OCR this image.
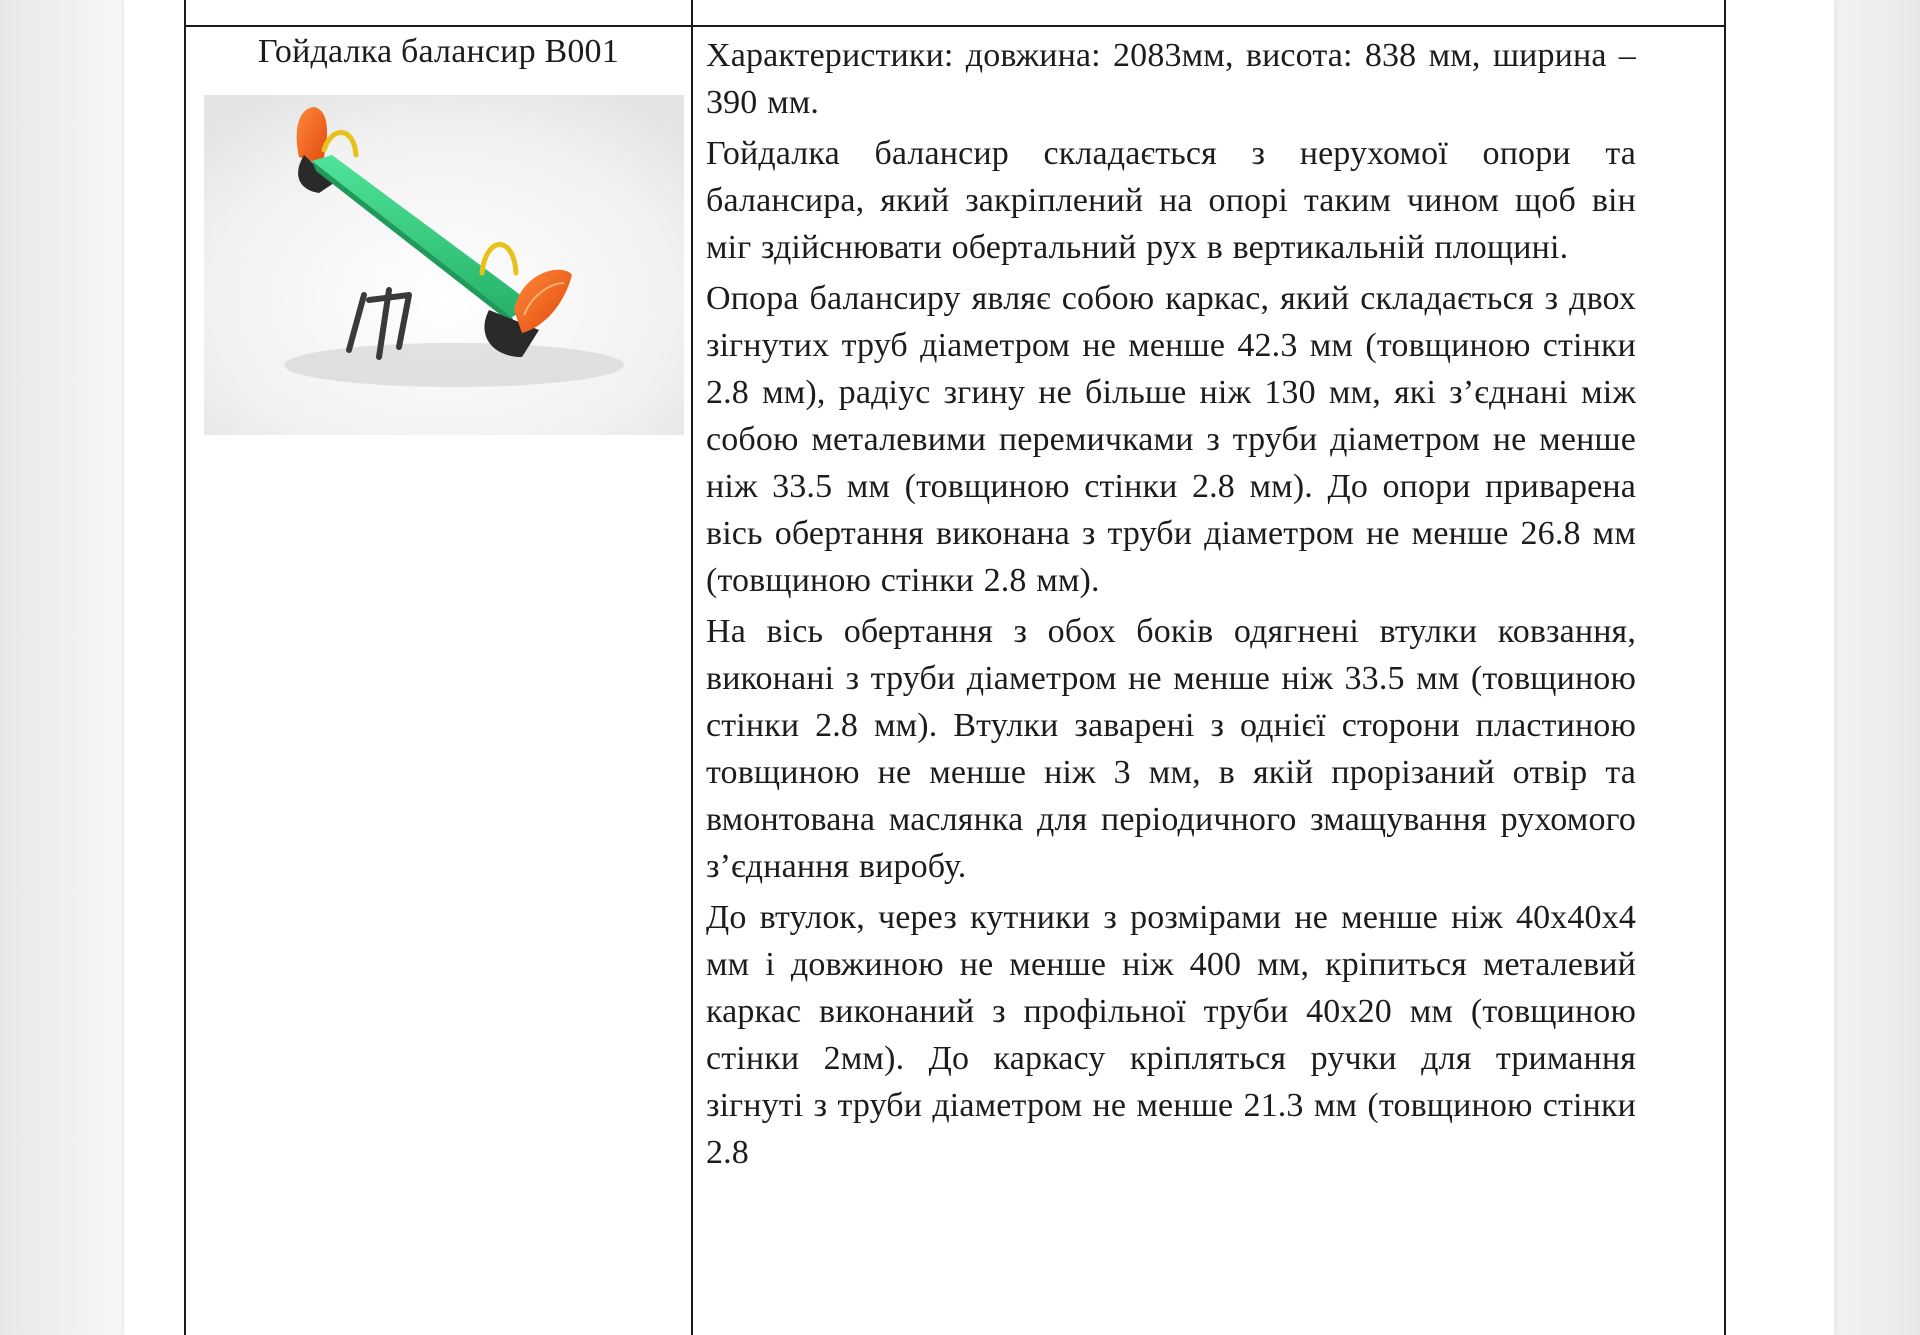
Гойдалка балансир В001	Характеристики: довжина: 2083мм, висота: 838 мм, ширина – 390 мм.

Гойдалка балансир складається з нерухомої опори та балансира, який закріплений на опорі таким чином щоб він міг здійснювати обертальний рух в вертикальній площині.

Опора балансиру являє собою каркас, який складається з двох зігнутих труб діаметром не менше 42.3 мм (товщиною стінки 2.8 мм), радіус згину не більше ніж 130 мм, які з’єднані між собою металевими перемичками з труби діаметром не менше ніж 33.5 мм (товщиною стінки 2.8 мм). До опори приварена вісь обертання виконана з труби діаметром не менше 26.8 мм (товщиною стінки 2.8 мм).

На вісь обертання з обох боків одягнені втулки ковзання, виконані з труби діаметром не менше ніж 33.5 мм (товщиною стінки 2.8 мм). Втулки заварені з однієї сторони пластиною товщиною не менше ніж 3 мм, в якій прорізаний отвір та вмонтована маслянка для періодичного змащування рухомого з’єднання виробу.

До втулок, через кутники з розмірами не менше ніж 40х40х4 мм і довжиною не менше ніж 400 мм, кріпиться металевий каркас виконаний з профільної труби 40х20 мм (товщиною стінки 2мм). До каркасу кріпляться ручки для тримання зігнуті з труби діаметром не менше 21.3 мм (товщиною стінки 2.8
